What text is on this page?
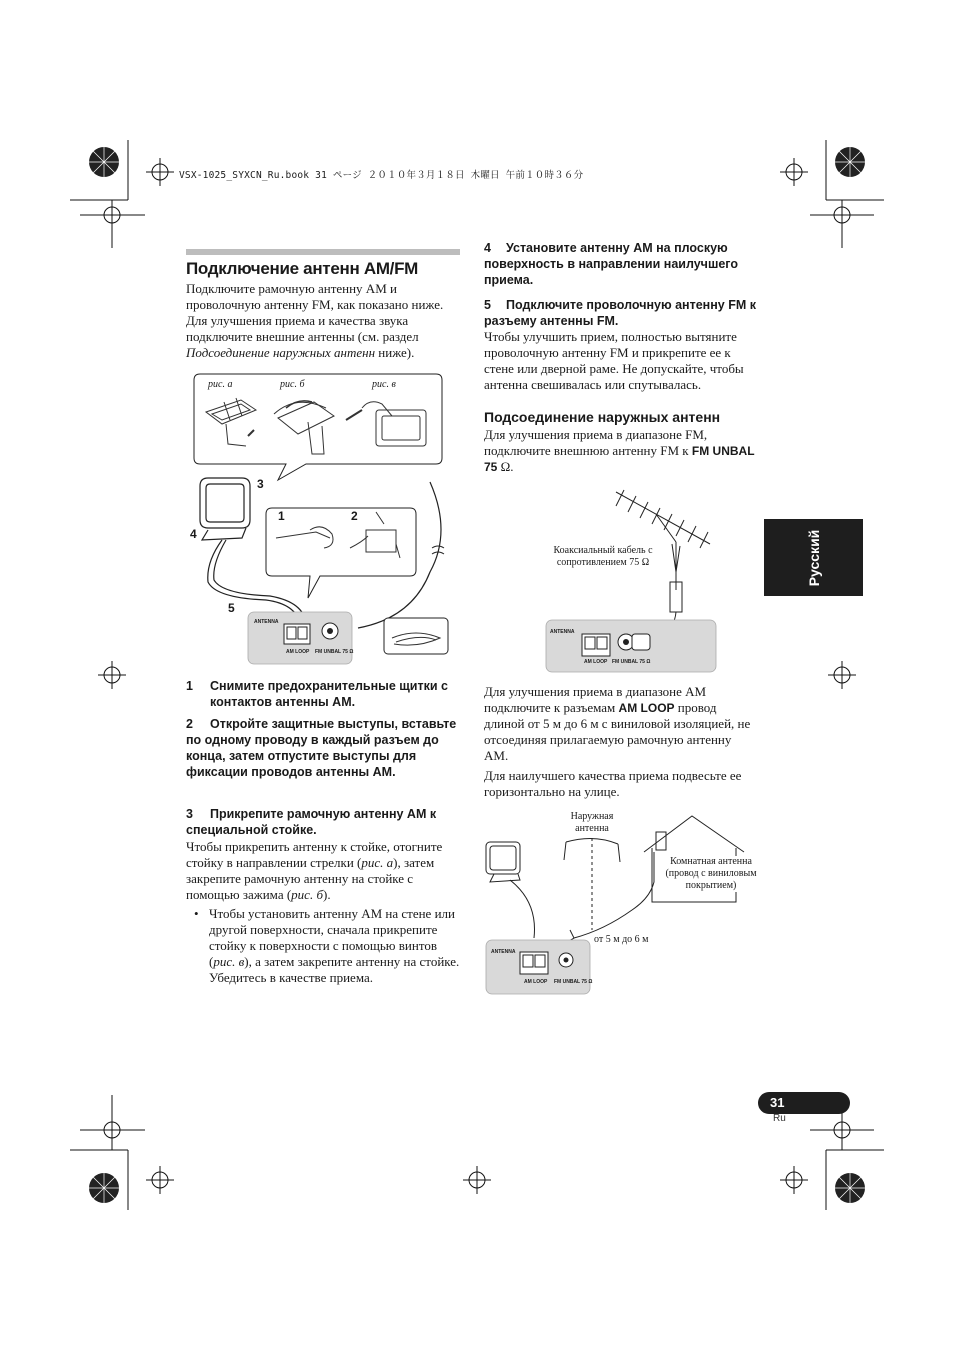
VSX-1025_SYXCN_Ru.book 31 ページ ２０１０年３月１８日 木曜日 午前１０時３６分
Подключение антенн AM/FM
Подключите рамочную антенну AM и проволочную антенну FM, как показано ниже. Для улучшения приема и качества звука подключите внешние антенны (см. раздел Подсоединение наружных антенн ниже).
рис. а	рис. б	рис. в
3
1	2
4
5
ANTENNA
AM LOOP FM UNBAL 75 Ω
1	Снимите предохранительные щитки с контактов антенны AM.
2 Откройте защитные выступы, вставьте по одному проводу в каждый разъем до конца, затем отпустите выступы для фиксации проводов антенны AM.
3 Прикрепите рамочную антенну AM к специальной стойке.
Чтобы прикрепить антенну к стойке, отогните стойку в направлении стрелки (рис. а), затем закрепите рамочную антенну на стойке с помощью зажима (рис. б).
• Чтобы установить антенну AM на стене или другой поверхности, сначала прикрепите стойку к поверхности с помощью винтов (рис. в), а затем закрепите антенну на стойке. Убедитесь в качестве приема.
4 Установите антенну AM на плоскую поверхность в направлении наилучшего приема.
5 Подключите проволочную антенну FM к разъему антенны FM.
Чтобы улучшить прием, полностью вытяните проволочную антенну FM и прикрепите ее к стене или дверной раме. Не допускайте, чтобы антенна свешивалась или спутывалась.
Подсоединение наружных антенн
Для улучшения приема в диапазоне FM, подключите внешнюю антенну FM к FM UNBAL 75 Ω.
Коаксиальный кабель с
сопротивлением 75 Ω
ANTENNA
AM LOOP FM UNBAL 75 Ω
Для улучшения приема в диапазоне AM подключите к разъемам AM LOOP провод длиной от 5 м до 6 м с виниловой изоляцией, не отсоединяя прилагаемую рамочную антенну AM.
Для наилучшего качества приема подвесьте ее горизонтально на улице.
Наружная
антенна
Комнатная антенна
(провод с виниловым
покрытием)
от 5 м до 6 м
ANTENNA
AM LOOP FM UNBAL 75 Ω
Русский
31
Ru
